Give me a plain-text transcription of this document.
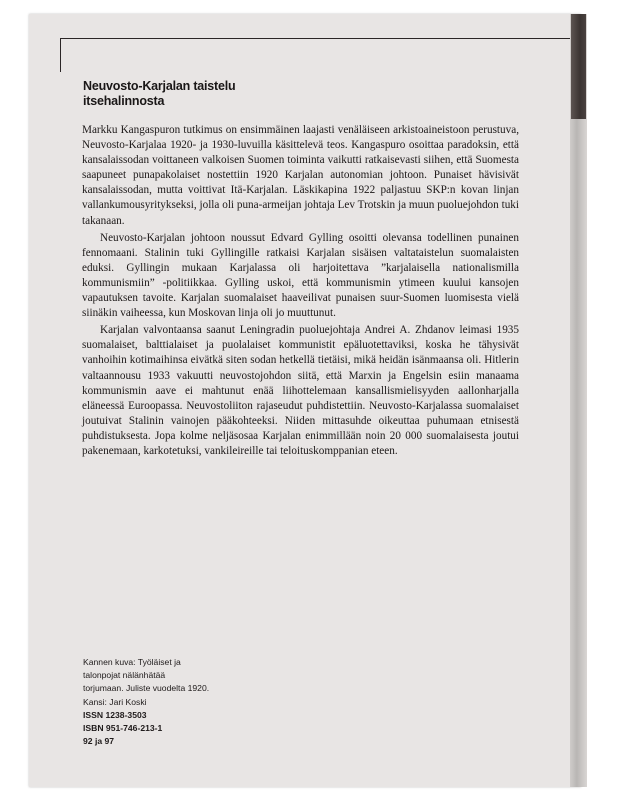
Neuvosto-Karjalan taistelu
itsehalinnosta

Markku Kangaspuron tutkimus on ensimmäinen laajasti venäläiseen arkistoaineistoon perustuva, Neuvosto-Karjalaa 1920- ja 1930-luvuilla käsittelevä teos. Kangaspuro osoittaa paradoksin, että kansalaissodan voittaneen valkoisen Suomen toiminta vaikutti ratkaisevasti siihen, että Suomesta saapuneet punapakolaiset nostettiin 1920 Karjalan autonomian johtoon. Punaiset hävisivät kansalaissodan, mutta voittivat Itä-Karjalan. Läskikapina 1922 paljastuu SKP:n kovan linjan vallankumousyritykseksi, jolla oli puna-armeijan johtaja Lev Trotskin ja muun puoluejohdon tuki takanaan.

Neuvosto-Karjalan johtoon noussut Edvard Gylling osoitti olevansa todellinen punainen fennomaani. Stalinin tuki Gyllingille ratkaisi Karjalan sisäisen valtataistelun suomalaisten eduksi. Gyllingin mukaan Karjalassa oli harjoitettava ”karjalaisella nationalismilla kommunismiin” -politiikkaa. Gylling uskoi, että kommunismin ytimeen kuului kansojen vapautuksen tavoite. Karjalan suomalaiset haaveilivat punaisen suur-Suomen luomisesta vielä siinäkin vaiheessa, kun Moskovan linja oli jo muuttunut.

Karjalan valvontaansa saanut Leningradin puoluejohtaja Andrei A. Zhdanov leimasi 1935 suomalaiset, balttialaiset ja puolalaiset kommunistit epäluotettaviksi, koska he tähysivät vanhoihin kotimaihinsa eivätkä siten sodan hetkellä tietäisi, mikä heidän isänmaansa oli. Hitlerin valtaannousu 1933 vakuutti neuvostojohdon siitä, että Marxin ja Engelsin esiin manaama kommunismin aave ei mahtunut enää liihottelemaan kansallismielisyyden aallonharjalla eläneessä Euroopassa. Neuvostoliiton rajaseudut puhdistettiin. Neuvosto-Karjalassa suomalaiset joutuivat Stalinin vainojen pääkohteeksi. Niiden mittasuhde oikeuttaa puhumaan etnisestä puhdistuksesta. Jopa kolme neljäsosaa Karjalan enimmillään noin 20 000 suomalaisesta joutui pakenemaan, karkotetuksi, vankileireille tai teloituskomppanian eteen.

Kannen kuva: Työläiset ja
talonpojat nälänhätää
torjumaan. Juliste vuodelta 1920.
Kansi: Jari Koski
ISSN 1238-3503
ISBN 951-746-213-1
92 ja 97
